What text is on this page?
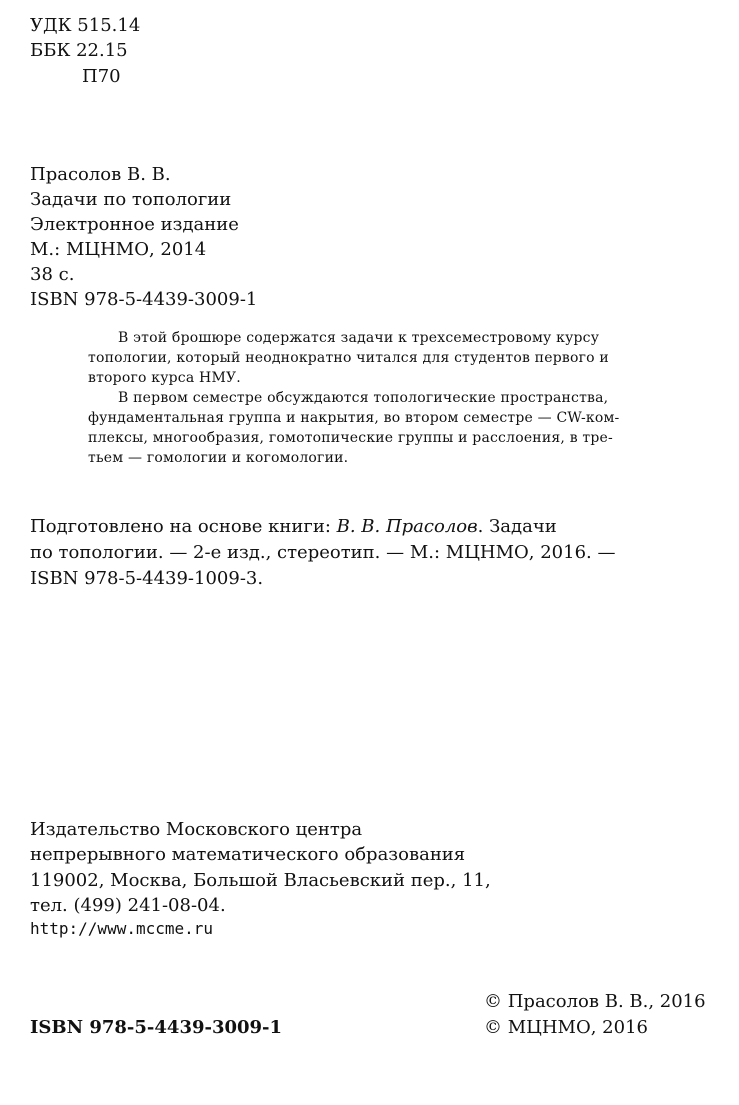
УДК 515.14
ББК 22.15
П70
Прасолов В. В.
Задачи по топологии
Электронное издание
М.: МЦНМО, 2014
38 с.
ISBN 978-5-4439-3009-1
В этой брошюре содержатся задачи к трехсеместровому курсу
топологии, который неоднократно читался для студентов первого и
второго курса НМУ.
В первом семестре обсуждаются топологические пространства,
фундаментальная группа и накрытия, во втором семестре — CW-ком-
плексы, многообразия, гомотопические группы и расслоения, в тре-
тьем — гомологии и когомологии.
Подготовлено на основе книги: В. В. Прасолов. Задачи
по топологии. — 2-е изд., стереотип. — М.: МЦНМО, 2016. —
ISBN 978-5-4439-1009-3.
Издательство Московского центра
непрерывного математического образования
119002, Москва, Большой Власьевский пер., 11,
тел. (499) 241-08-04.
http://www.mccme.ru
© Прасолов В. В., 2016
ISBN 978-5-4439-3009-1	© МЦНМО, 2016
